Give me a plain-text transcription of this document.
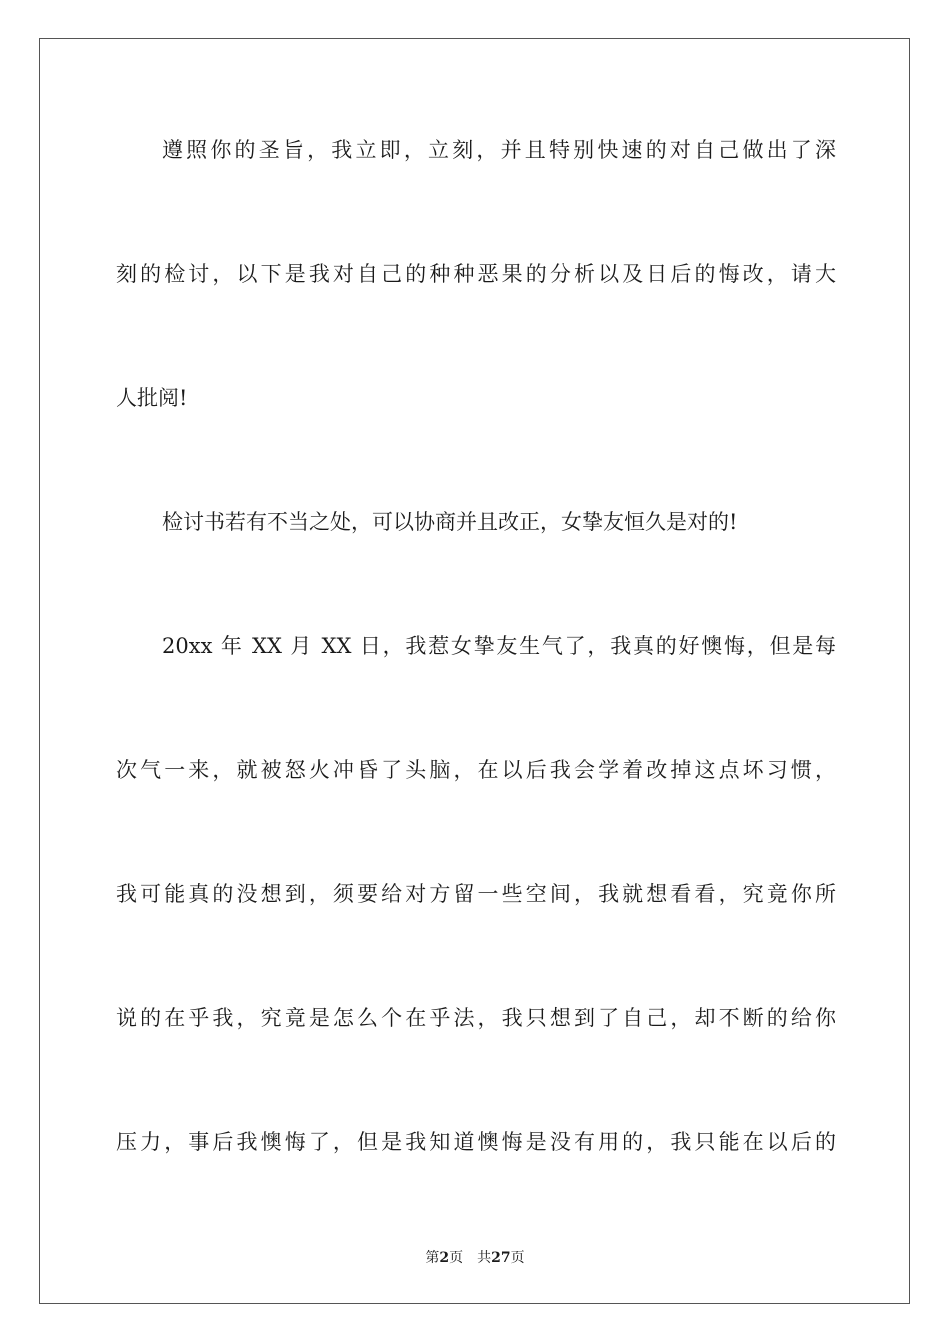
遵照你的圣旨，我立即，立刻，并且特别快速的对自己做出了深

刻的检讨，以下是我对自己的种种恶果的分析以及日后的悔改，请大

人批阅!

检讨书若有不当之处，可以协商并且改正，女挚友恒久是对的!

20xx 年 XX 月 XX 日，我惹女挚友生气了，我真的好懊悔，但是每

次气一来，就被怒火冲昏了头脑，在以后我会学着改掉这点坏习惯，

我可能真的没想到，须要给对方留一些空间，我就想看看，究竟你所

说的在乎我，究竟是怎么个在乎法，我只想到了自己，却不断的给你

压力，事后我懊悔了，但是我知道懊悔是没有用的，我只能在以后的

第2页 共27页
